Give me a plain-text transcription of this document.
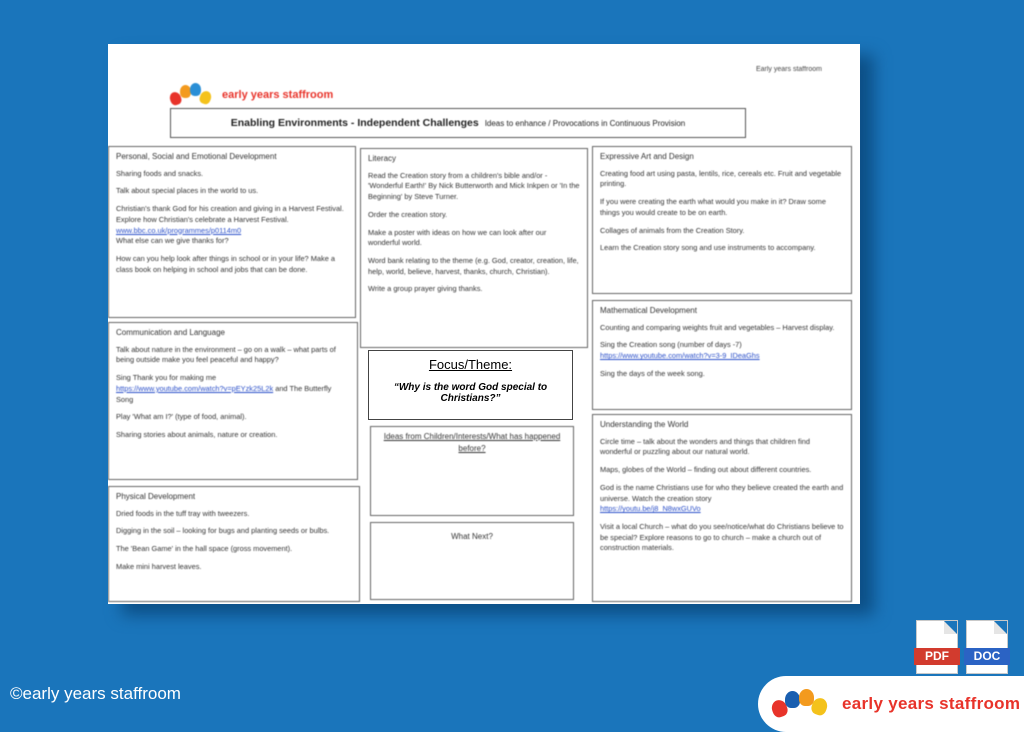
Early years staffroom
early years staffroom
Enabling Environments - Independent Challenges Ideas to enhance / Provocations in Continuous Provision
Personal, Social and Emotional Development

Sharing foods and snacks.

Talk about special places in the world to us.

Christian's thank God for his creation and giving in a Harvest Festival. Explore how Christian's celebrate a Harvest Festival. www.bbc.co.uk/programmes/p0114m0

What else can we give thanks for?

How can you help look after things in school or in your life? Make a class book on helping in school and jobs that can be done.

Literacy

Read the Creation story from a children's bible and/or - 'Wonderful Earth!' By Nick Butterworth and Mick Inkpen or 'In the Beginning' by Steve Turner.

Order the creation story.

Make a poster with ideas on how we can look after our wonderful world.

Word bank relating to the theme (e.g. God, creator, creation, life, help, world, believe, harvest, thanks, church, Christian).

Write a group prayer giving thanks.

Expressive Art and Design

Creating food art using pasta, lentils, rice, cereals etc. Fruit and vegetable printing.

If you were creating the earth what would you make in it? Draw some things you would create to be on earth.

Collages of animals from the Creation Story.

Learn the Creation story song and use instruments to accompany.

Communication and Language

Talk about nature in the environment – go on a walk – what parts of being outside make you feel peaceful and happy?

Sing Thank you for making me
https://www.youtube.com/watch?v=pEYzk25L2k and The Butterfly Song

Play 'What am I?' (type of food, animal).

Sharing stories about animals, nature or creation.

Mathematical Development

Counting and comparing weights fruit and vegetables – Harvest display.

Sing the Creation song (number of days -7)
https://www.youtube.com/watch?v=3-9_IDeaGhs

Sing the days of the week song.

Ideas from Children/Interests/What has happened before?
What Next?
Physical Development

Dried foods in the tuff tray with tweezers.

Digging in the soil – looking for bugs and planting seeds or bulbs.

The 'Bean Game' in the hall space (gross movement).

Make mini harvest leaves.

Understanding the World

Circle time – talk about the wonders and things that children find wonderful or puzzling about our natural world.

Maps, globes of the World – finding out about different countries.

God is the name Christians use for who they believe created the earth and universe. Watch the creation story
https://youtu.be/j8_N8wxGUVo

Visit a local Church – what do you see/notice/what do Christians believe to be special? Explore reasons to go to church – make a church out of construction materials.

Focus/Theme:
“Why is the word God special to Christians?”
©early years staffroom
PDF	DOC
early years staffroom
